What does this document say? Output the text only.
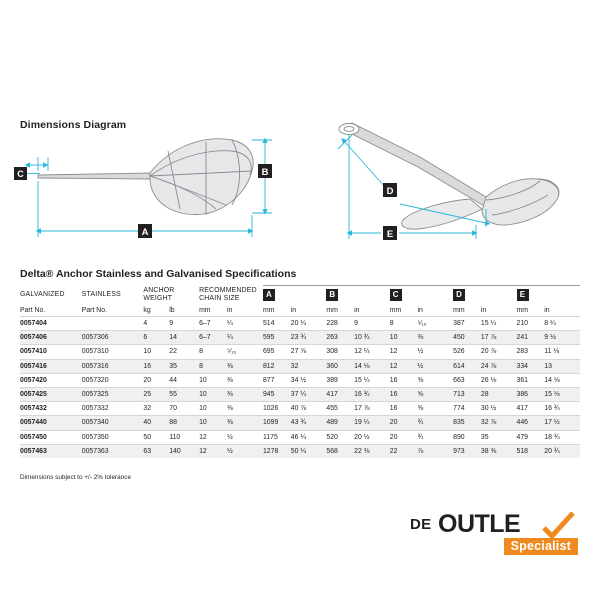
Dimensions Diagram
C	B
A
D
E
Delta® Anchor Stainless and Galvanised Specifications
GALVANIZED	STAINLESS	ANCHOR WEIGHT		RECOMMENDED CHAIN SIZE		A		B		C		D		E	
Part No.	Part No.	kg	lb	mm	in	mm	in	mm	in	mm	in	mm	in	mm	in
0057404		4	9	6–7	¼	514	20 ¼	228	9	8	⁵⁄₁₆	387	15 ¼	210	8 ¼
0057406	0057306	6	14	6–7	¼	595	23 ¾	263	10 ¾	10	⅜	450	17 ⅞	241	9 ½
0057410	0057310	10	22	8	⁵⁄₁₆	695	27 ⅞	308	12 ¼	12	½	526	20 ⅞	283	11 ⅛
0057416	0057316	16	35	8	⅜	812	32	360	14 ⅛	12	½	614	24 ⅞	334	13
0057420	0057320	20	44	10	⅜	877	34 ½	389	15 ¼	16	⅝	663	26 ⅛	361	14 ⅛
0057425	0057325	25	55	10	⅜	945	37 ¼	417	16 ¾	16	⅝	713	28	386	15 ⅛
0057432	0057332	32	70	10	⅜	1026	40 ⅞	455	17 ⅞	16	⅝	774	30 ½	417	16 ¾
0057440	0057340	40	88	10	⅜	1099	43 ¾	489	19 ¼	20	¾	835	32 ⅞	446	17 ½
0057450	0057350	50	110	12	½	1175	46 ¼	520	20 ½	20	¾	890	35	479	18 ¾
0057463	0057363	63	140	12	½	1278	50 ¼	568	22 ⅜	22	⅞	973	38 ⅜	518	20 ¾
Dimensions subject to +/- 2% tolerance
DE OUTLE
Specialist
